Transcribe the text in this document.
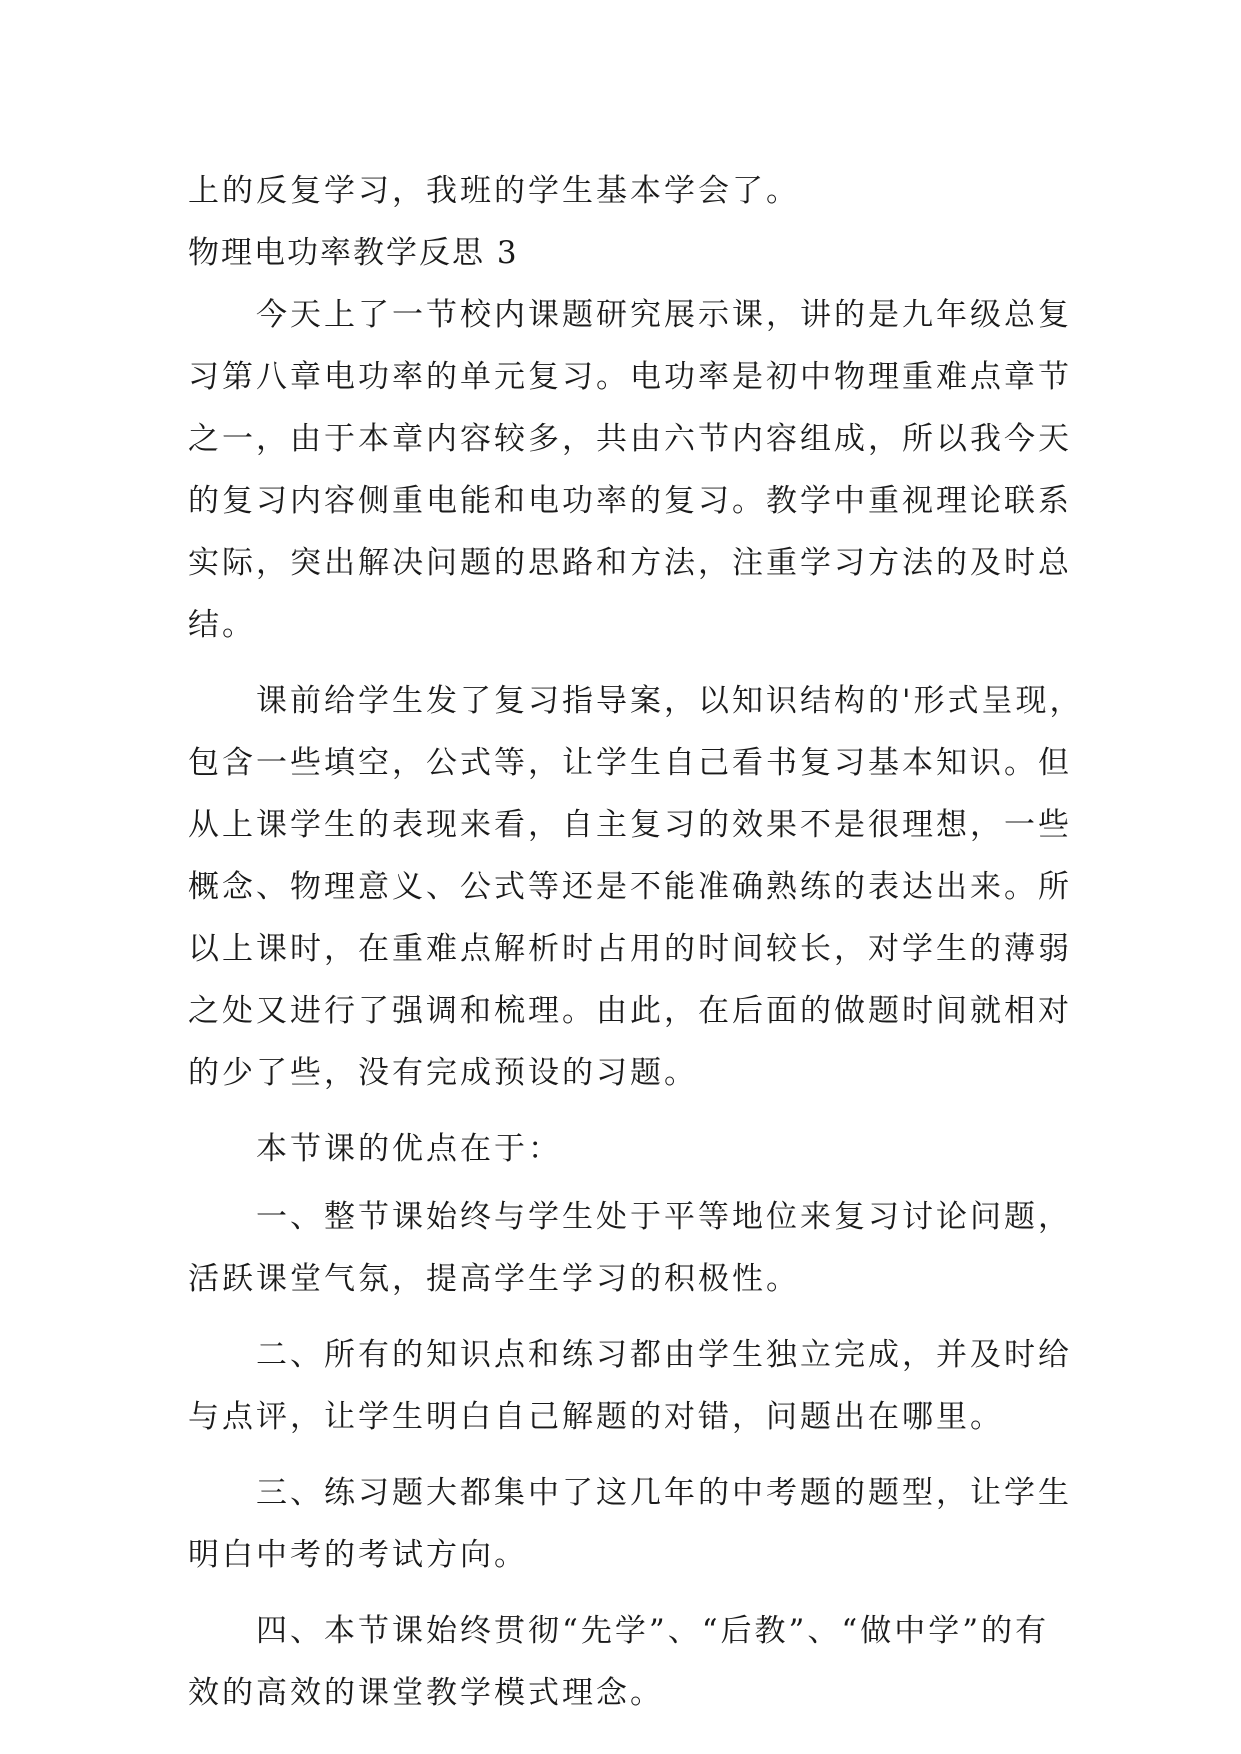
上的反复学习，我班的学生基本学会了。

物理电功率教学反思 3

今天上了一节校内课题研究展示课，讲的是九年级总复

习第八章电功率的单元复习。电功率是初中物理重难点章节

之一，由于本章内容较多，共由六节内容组成，所以我今天

的复习内容侧重电能和电功率的复习。教学中重视理论联系

实际，突出解决问题的思路和方法，注重学习方法的及时总

结。

课前给学生发了复习指导案，以知识结构的'形式呈现，

包含一些填空，公式等，让学生自己看书复习基本知识。但

从上课学生的表现来看，自主复习的效果不是很理想，一些

概念、物理意义、公式等还是不能准确熟练的表达出来。所

以上课时，在重难点解析时占用的时间较长，对学生的薄弱

之处又进行了强调和梳理。由此，在后面的做题时间就相对

的少了些，没有完成预设的习题。

本节课的优点在于：

一、整节课始终与学生处于平等地位来复习讨论问题，

活跃课堂气氛，提高学生学习的积极性。

二、所有的知识点和练习都由学生独立完成，并及时给

与点评，让学生明白自己解题的对错，问题出在哪里。

三、练习题大都集中了这几年的中考题的题型，让学生

明白中考的考试方向。

四、本节课始终贯彻“先学”、“后教”、“做中学”的有

效的高效的课堂教学模式理念。
